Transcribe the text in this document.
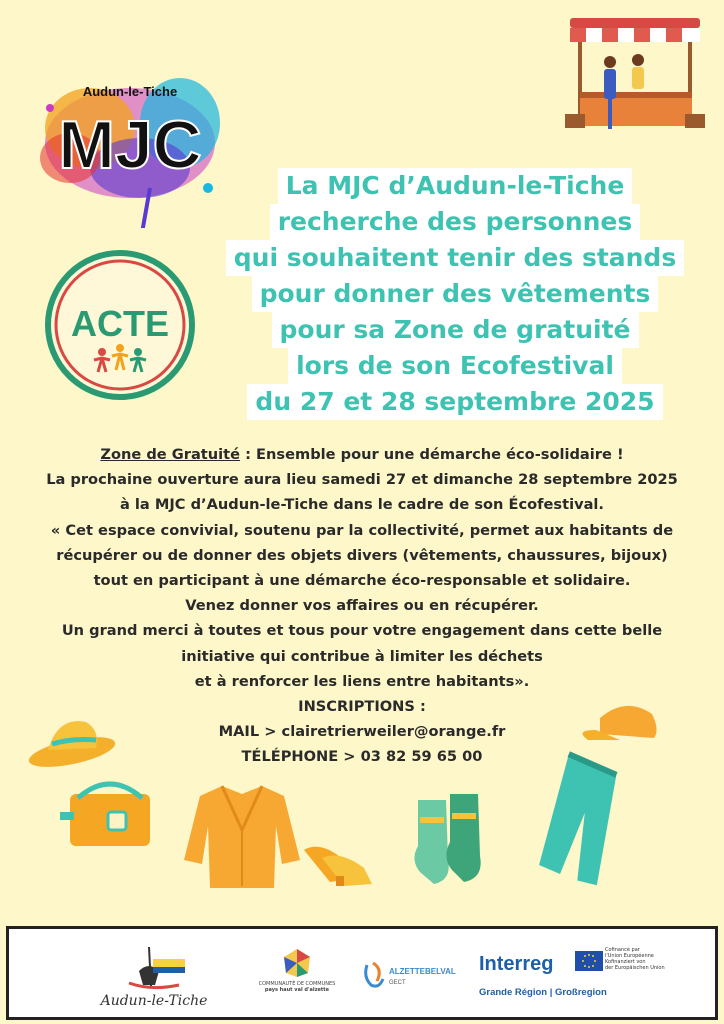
Audun-le-Tiche
MJC
ACTE
La MJC d’Audun-le-Tiche
recherche des personnes
qui souhaitent tenir des stands
pour donner des vêtements
pour sa Zone de gratuité
lors de son Ecofestival
du 27 et 28 septembre 2025

Zone de Gratuité : Ensemble pour une démarche éco-solidaire !

La prochaine ouverture aura lieu samedi 27 et dimanche 28 septembre 2025

à la MJC d’Audun-le-Tiche dans le cadre de son Écofestival.

« Cet espace convivial, soutenu par la collectivité, permet aux habitants de

récupérer ou de donner des objets divers (vêtements, chaussures, bijoux)

tout en participant à une démarche éco-responsable et solidaire.

Venez donner vos affaires ou en récupérer.

Un grand merci à toutes et tous pour votre engagement dans cette belle

initiative qui contribue à limiter les déchets

et à renforcer les liens entre habitants».

INSCRIPTIONS :

MAIL > clairetrierweiler@orange.fr

TÉLÉPHONE > 03 82 59 65 00

Audun-le-Tiche
COMMUNAUTÉ DE COMMUNES
pays haut val d'alzette
ALZETTEBELVAL
GECT
Interreg
Cofinancé par
l'Union Européenne
Kofinanziert von
der Europäischen Union
Grande Région | Großregion
